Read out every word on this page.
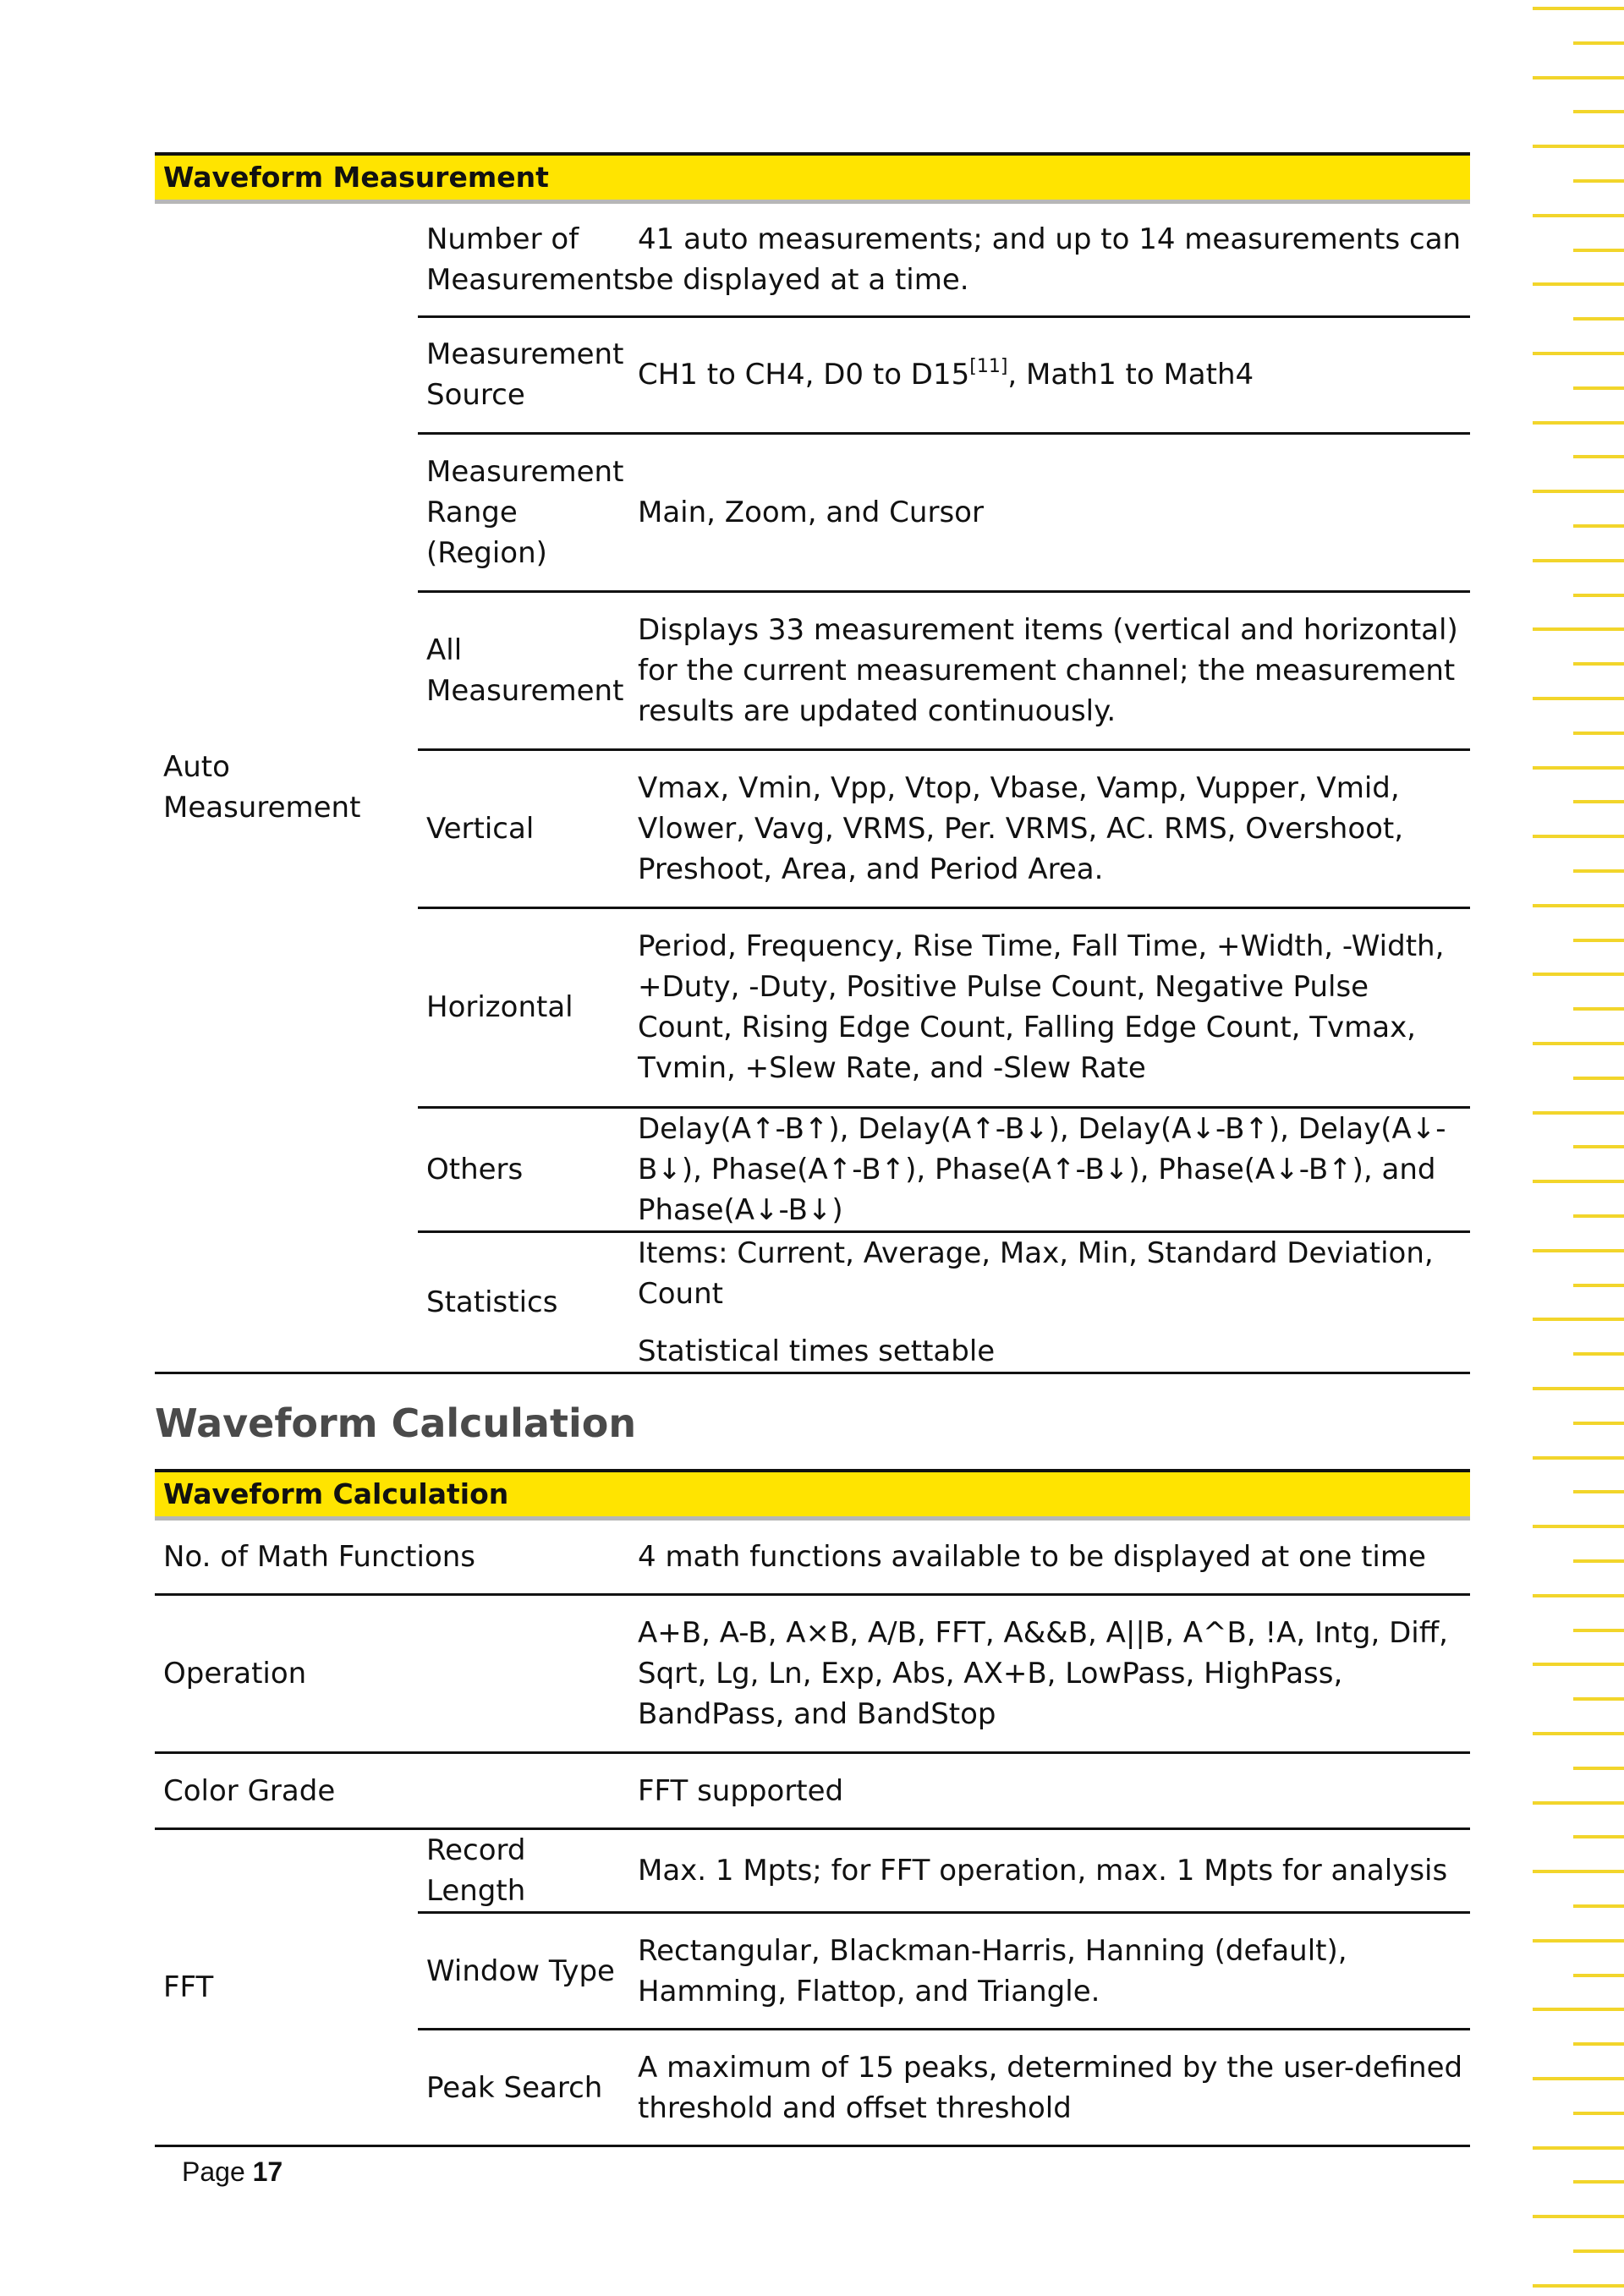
Waveform Measurement
Auto Measurement	Number of Measurements	41 auto measurements; and up to 14 measurements can be displayed at a time.
	Measurement Source	CH1 to CH4, D0 to D15[11], Math1 to Math4
	Measurement Range (Region)	Main, Zoom, and Cursor
	All Measurement	Displays 33 measurement items (vertical and horizontal) for the current measurement channel; the measurement results are updated continuously.
	Vertical	Vmax, Vmin, Vpp, Vtop, Vbase, Vamp, Vupper, Vmid, Vlower, Vavg, VRMS, Per. VRMS, AC. RMS, Overshoot, Preshoot, Area, and Period Area.
	Horizontal	Period, Frequency, Rise Time, Fall Time, +Width, -Width, +Duty, -Duty, Positive Pulse Count, Negative Pulse Count, Rising Edge Count, Falling Edge Count, Tvmax, Tvmin, +Slew Rate, and -Slew Rate
	Others	Delay(A↑-B↑), Delay(A↑-B↓), Delay(A↓-B↑), Delay(A↓-B↓), Phase(A↑-B↑), Phase(A↑-B↓), Phase(A↓-B↑), and Phase(A↓-B↓)
	Statistics	Items: Current, Average, Max, Min, Standard Deviation, Count
Statistical times settable
Waveform Calculation
Waveform Calculation
No. of Math Functions		4 math functions available to be displayed at one time
Operation		A+B, A-B, A×B, A/B, FFT, A&&B, A||B, A^B, !A, Intg, Diff, Sqrt, Lg, Ln, Exp, Abs, AX+B, LowPass, HighPass, BandPass, and BandStop
Color Grade		FFT supported
FFT	Record Length	Max. 1 Mpts; for FFT operation, max. 1 Mpts for analysis
	Window Type	Rectangular, Blackman-Harris, Hanning (default), Hamming, Flattop, and Triangle.
	Peak Search	A maximum of 15 peaks, determined by the user-defined threshold and offset threshold
Page 17
